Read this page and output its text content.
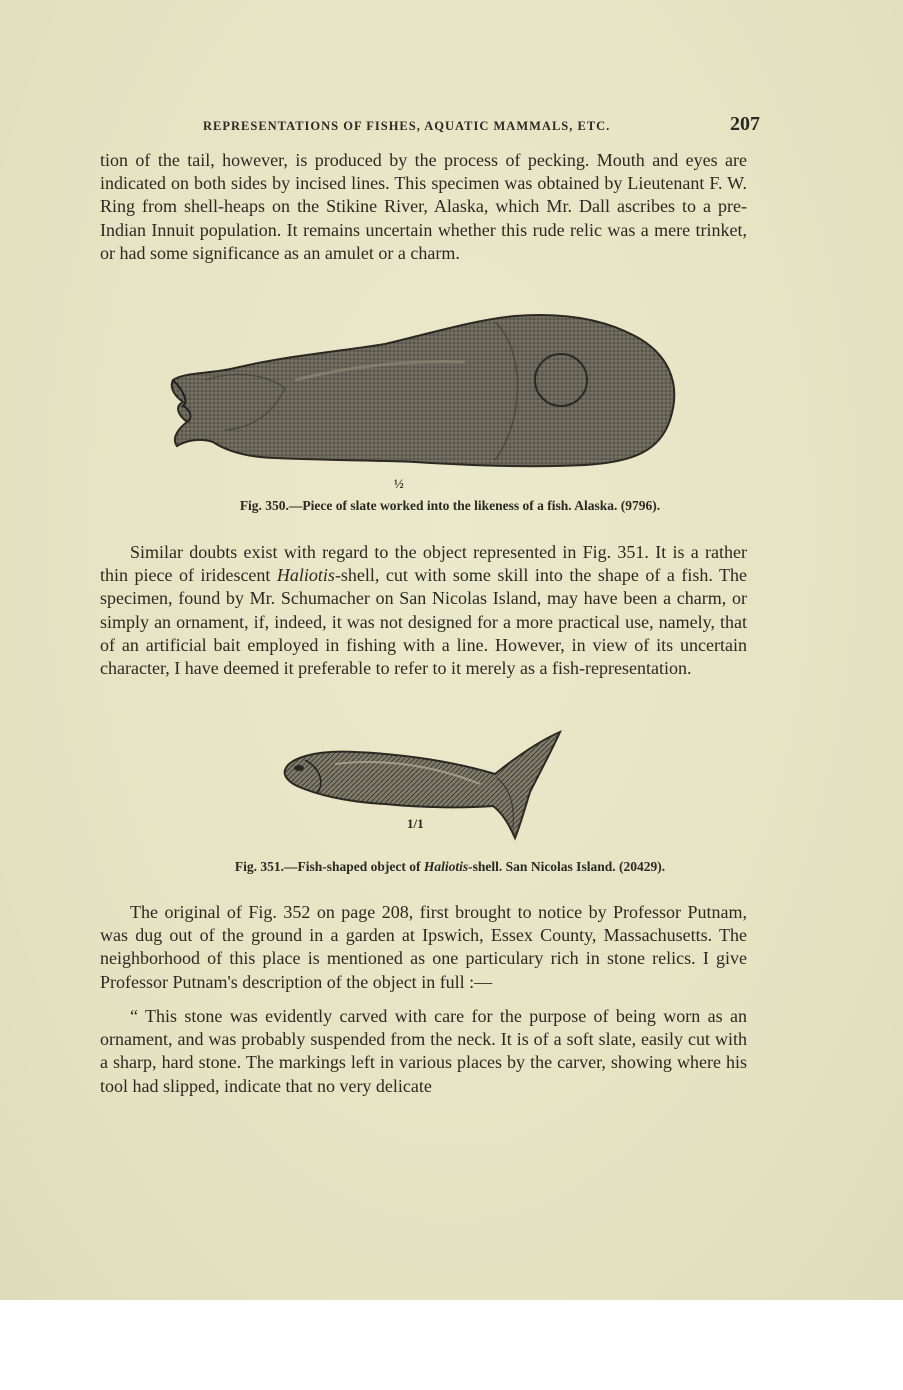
REPRESENTATIONS OF FISHES, AQUATIC MAMMALS, ETC.	207

tion of the tail, however, is produced by the process of pecking. Mouth and eyes are indicated on both sides by incised lines. This specimen was obtained by Lieutenant F. W. Ring from shell-heaps on the Stikine River, Alaska, which Mr. Dall ascribes to a pre-Indian Innuit population. It remains uncertain whether this rude relic was a mere trinket, or had some significance as an amulet or a charm.

½
Fig. 350.—Piece of slate worked into the likeness of a fish. Alaska. (9796).

Similar doubts exist with regard to the object represented in Fig. 351. It is a rather thin piece of iridescent Haliotis-shell, cut with some skill into the shape of a fish. The specimen, found by Mr. Schumacher on San Nicolas Island, may have been a charm, or simply an ornament, if, indeed, it was not designed for a more practical use, namely, that of an artificial bait employed in fishing with a line. However, in view of its uncertain character, I have deemed it preferable to refer to it merely as a fish-representation.

1/1
Fig. 351.—Fish-shaped object of Haliotis-shell. San Nicolas Island. (20429).

The original of Fig. 352 on page 208, first brought to notice by Professor Putnam, was dug out of the ground in a garden at Ipswich, Essex County, Massachusetts. The neighborhood of this place is mentioned as one particulary rich in stone relics. I give Professor Putnam's description of the object in full :—

“ This stone was evidently carved with care for the purpose of being worn as an ornament, and was probably suspended from the neck. It is of a soft slate, easily cut with a sharp, hard stone. The markings left in various places by the carver, showing where his tool had slipped, indicate that no very delicate
